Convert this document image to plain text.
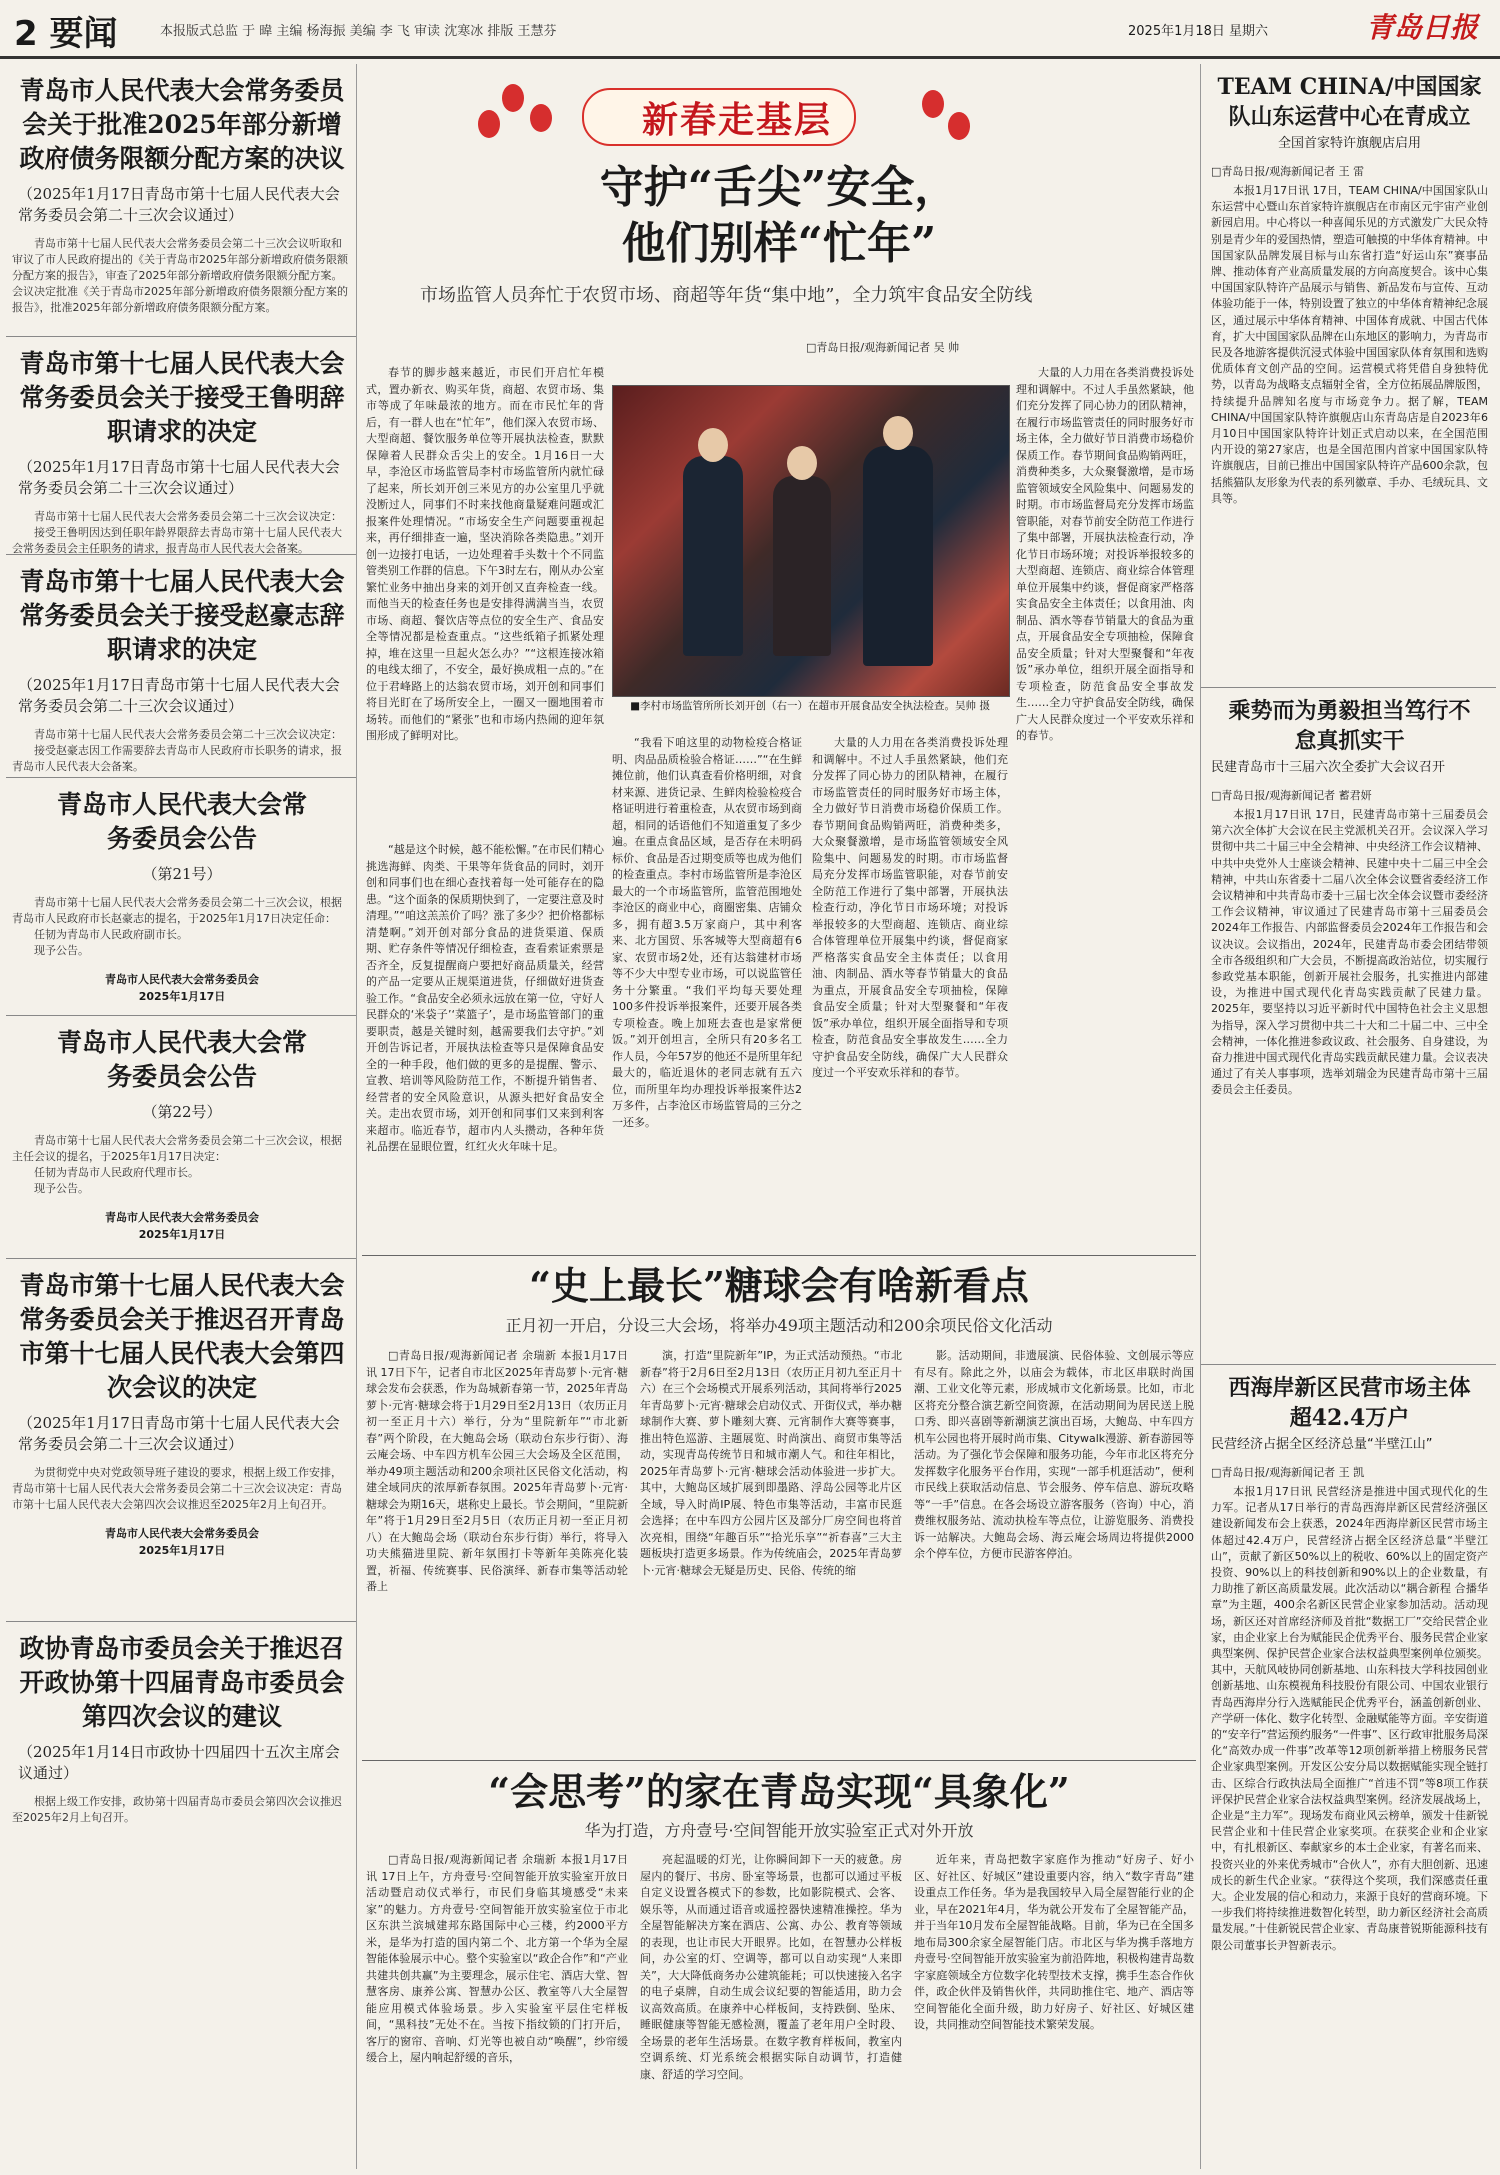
2 要闻	本报版式总监 于 暐 主编 杨海振 美编 李 飞 审读 沈寒冰 排版 王慧芬	2025年1月18日 星期六	青岛日报
青岛市人民代表大会常务委员会关于批准2025年部分新增政府债务限额分配方案的决议
（2025年1月17日青岛市第十七届人民代表大会常务委员会第二十三次会议通过）

青岛市第十七届人民代表大会常务委员会第二十三次会议听取和审议了市人民政府提出的《关于青岛市2025年部分新增政府债务限额分配方案的报告》，审查了2025年部分新增政府债务限额分配方案。会议决定批准《关于青岛市2025年部分新增政府债务限额分配方案的报告》，批准2025年部分新增政府债务限额分配方案。

青岛市第十七届人民代表大会常务委员会关于接受王鲁明辞职请求的决定
（2025年1月17日青岛市第十七届人民代表大会常务委员会第二十三次会议通过）

青岛市第十七届人民代表大会常务委员会第二十三次会议决定：

接受王鲁明因达到任职年龄界限辞去青岛市第十七届人民代表大会常务委员会主任职务的请求，报青岛市人民代表大会备案。

青岛市第十七届人民代表大会常务委员会关于接受赵豪志辞职请求的决定
（2025年1月17日青岛市第十七届人民代表大会常务委员会第二十三次会议通过）

青岛市第十七届人民代表大会常务委员会第二十三次会议决定：

接受赵豪志因工作需要辞去青岛市人民政府市长职务的请求，报青岛市人民代表大会备案。

青岛市人民代表大会常务委员会公告
（第21号）

青岛市第十七届人民代表大会常务委员会第二十三次会议，根据青岛市人民政府市长赵豪志的提名，于2025年1月17日决定任命：

任韧为青岛市人民政府副市长。

现予公告。

青岛市人民代表大会常务委员会
2025年1月17日
青岛市人民代表大会常务委员会公告
（第22号）

青岛市第十七届人民代表大会常务委员会第二十三次会议，根据主任会议的提名，于2025年1月17日决定：

任韧为青岛市人民政府代理市长。

现予公告。

青岛市人民代表大会常务委员会
2025年1月17日
青岛市第十七届人民代表大会常务委员会关于推迟召开青岛市第十七届人民代表大会第四次会议的决定
（2025年1月17日青岛市第十七届人民代表大会常务委员会第二十三次会议通过）

为贯彻党中央对党政领导班子建设的要求，根据上级工作安排，青岛市第十七届人民代表大会常务委员会第二十三次会议决定：青岛市第十七届人民代表大会第四次会议推迟至2025年2月上旬召开。

青岛市人民代表大会常务委员会
2025年1月17日
政协青岛市委员会关于推迟召开政协第十四届青岛市委员会第四次会议的建议
（2025年1月14日市政协十四届四十五次主席会议通过）

根据上级工作安排，政协第十四届青岛市委员会第四次会议推迟至2025年2月上旬召开。

新春走基层
守护“舌尖”安全，
他们别样“忙年”
市场监管人员奔忙于农贸市场、商超等年货“集中地”，全力筑牢食品安全防线
□青岛日报/观海新闻记者 吴 帅

春节的脚步越来越近，市民们开启忙年模式，置办新衣、购买年货，商超、农贸市场、集市等成了年味最浓的地方。而在市民忙年的背后，有一群人也在“忙年”，他们深入农贸市场、大型商超、餐饮服务单位等开展执法检查，默默保障着人民群众舌尖上的安全。1月16日一大早，李沧区市场监管局李村市场监管所内就忙碌了起来，所长刘开创三米见方的办公室里几乎就没断过人，同事们不时来找他商量疑难问题或汇报案件处理情况。“市场安全生产问题要重视起来，再仔细排查一遍，坚决消除各类隐患。”刘开创一边接打电话，一边处理着手头数十个不同监管类别工作群的信息。下午3时左右，刚从办公室繁忙业务中抽出身来的刘开创又直奔检查一线。而他当天的检查任务也是安排得满满当当，农贸市场、商超、餐饮店等点位的安全生产、食品安全等情况都是检查重点。“这些纸箱子抓紧处理掉，堆在这里一旦起火怎么办？”“这根连接冰箱的电线太细了，不安全，最好换成粗一点的。”在位于君峰路上的达翁农贸市场，刘开创和同事们将目光盯在了场所安全上，一圈又一圈地围着市场转。而他们的“紧张”也和市场内热闹的迎年氛围形成了鲜明对比。

“越是这个时候，越不能松懈。”在市民们精心挑选海鲜、肉类、干果等年货食品的同时，刘开创和同事们也在细心查找着每一处可能存在的隐患。“这个面条的保质期快到了，一定要注意及时清理。”“咱这羔羔价了吗？涨了多少？把价格都标清楚啊。”刘开创对部分食品的进货渠道、保质期、贮存条件等情况仔细检查，查看索证索票是否齐全，反复提醒商户要把好商品质量关，经营的产品一定要从正规渠道进货，仔细做好进货查验工作。“食品安全必须永远放在第一位，守好人民群众的‘米袋子’‘菜篮子’，是市场监管部门的重要职责，越是关键时刻，越需要我们去守护。”刘开创告诉记者，开展执法检查等只是保障食品安全的一种手段，他们做的更多的是提醒、警示、宣教、培训等风险防范工作，不断提升销售者、经营者的安全风险意识，从源头把好食品安全关。走出农贸市场，刘开创和同事们又来到利客来超市。临近春节，超市内人头攒动，各种年货礼品摆在显眼位置，红红火火年味十足。

■李村市场监管所所长刘开创（右一）在超市开展食品安全执法检查。吴帅 摄

“我看下咱这里的动物检疫合格证明、肉品品质检验合格证……”“在生鲜摊位前，他们认真查看价格明细，对食材来源、进货记录、生鲜肉检验检疫合格证明进行着重检查，从农贸市场到商超，相同的话语他们不知道重复了多少遍。在重点食品区域，是否存在未明码标价、食品是否过期变质等也成为他们的检查重点。李村市场监管所是李沧区最大的一个市场监管所，监管范围地处李沧区的商业中心，商圈密集、店铺众多，拥有超3.5万家商户，其中利客来、北方国贸、乐客城等大型商超有6家、农贸市场2处，还有达翁建材市场等不少大中型专业市场，可以说监管任务十分繁重。“我们平均每天要处理100多件投诉举报案件，还要开展各类专项检查。晚上加班去查也是家常便饭。”刘开创坦言，全所只有20多名工作人员，今年57岁的他还不是所里年纪最大的，临近退休的老同志就有五六位，而所里年均办理投诉举报案件达2万多件，占李沧区市场监管局的三分之一还多。

大量的人力用在各类消费投诉处理和调解中。不过人手虽然紧缺，他们充分发挥了同心协力的团队精神，在履行市场监管责任的同时服务好市场主体，全力做好节日消费市场稳价保质工作。春节期间食品购销两旺，消费种类多，大众聚餐激增，是市场监管领域安全风险集中、问题易发的时期。市市场监督局充分发挥市场监管职能，对春节前安全防范工作进行了集中部署，开展执法检查行动，净化节日市场环境；对投诉举报较多的大型商超、连锁店、商业综合体管理单位开展集中约谈，督促商家严格落实食品安全主体责任；以食用油、肉制品、酒水等春节销量大的食品为重点，开展食品安全专项抽检，保障食品安全质量；针对大型聚餐和“年夜饭”承办单位，组织开展全面指导和专项检查，防范食品安全事故发生……全力守护食品安全防线，确保广大人民群众度过一个平安欢乐祥和的春节。

大量的人力用在各类消费投诉处理和调解中。不过人手虽然紧缺，他们充分发挥了同心协力的团队精神，在履行市场监管责任的同时服务好市场主体，全力做好节日消费市场稳价保质工作。春节期间食品购销两旺，消费种类多，大众聚餐激增，是市场监管领域安全风险集中、问题易发的时期。市市场监督局充分发挥市场监管职能，对春节前安全防范工作进行了集中部署，开展执法检查行动，净化节日市场环境；对投诉举报较多的大型商超、连锁店、商业综合体管理单位开展集中约谈，督促商家严格落实食品安全主体责任；以食用油、肉制品、酒水等春节销量大的食品为重点，开展食品安全专项抽检，保障食品安全质量；针对大型聚餐和“年夜饭”承办单位，组织开展全面指导和专项检查，防范食品安全事故发生……全力守护食品安全防线，确保广大人民群众度过一个平安欢乐祥和的春节。

“史上最长”糖球会有啥新看点
正月初一开启，分设三大会场，将举办49项主题活动和200余项民俗文化活动

□青岛日报/观海新闻记者 余瑞新 本报1月17日讯 17日下午，记者自市北区2025年青岛萝卜·元宵·糖球会发布会获悉，作为岛城新春第一节，2025年青岛萝卜·元宵·糖球会将于1月29日至2月13日（农历正月初一至正月十六）举行，分为“里院新年”“市北新春”两个阶段，在大鲍岛会场（联动台东步行街）、海云庵会场、中车四方机车公园三大会场及全区范围，举办49项主题活动和200余项社区民俗文化活动，构建全域同庆的浓厚新春氛围。2025年青岛萝卜·元宵·糖球会为期16天，堪称史上最长。节会期间，“里院新年”将于1月29日至2月5日（农历正月初一至正月初八）在大鲍岛会场（联动台东步行街）举行，将导入功夫熊猫进里院、新年氛围打卡等新年美陈亮化装置，祈福、传统赛事、民俗演绎、新春市集等活动轮番上

演，打造“里院新年”IP，为正式活动预热。“市北新春”将于2月6日至2月13日（农历正月初九至正月十六）在三个会场模式开展系列活动，其间将举行2025年青岛萝卜·元宵·糖球会启动仪式、开街仪式，举办糖球制作大赛、萝卜雕刻大赛、元宵制作大赛等赛事，推出特色巡游、主题展览、时尚演出、商贸市集等活动，实现青岛传统节日和城市潮人气。和往年相比，2025年青岛萝卜·元宵·糖球会活动体验进一步扩大。其中，大鲍岛区域扩展到即墨路、浮岛公园等北片区全域，导入时尚IP展、特色市集等活动，丰富市民逛会选择；在中车四方公园片区及部分厂房空间也将首次亮相，围绕“年趣百乐”“拾光乐享”“祈春喜”三大主题板块打造更多场景。作为传统庙会，2025年青岛萝卜·元宵·糖球会无疑是历史、民俗、传统的缩

影。活动期间，非遗展演、民俗体验、文创展示等应有尽有。除此之外，以庙会为载体，市北区串联时尚国潮、工业文化等元素，形成城市文化新场景。比如，市北区将充分整合演艺新空间资源，在活动期间为居民送上脱口秀、即兴喜剧等新潮演艺演出百场，大鲍岛、中车四方机车公园也将开展时尚市集、Citywalk漫游、新春游园等活动。为了强化节会保障和服务功能，今年市北区将充分发挥数字化服务平台作用，实现“一部手机逛活动”，便利市民线上获取活动信息、节会服务、停车信息、游玩攻略等“一手”信息。在各会场设立游客服务（咨询）中心，消费维权服务站、流动执检车等点位，让游览服务、消费投诉一站解决。大鲍岛会场、海云庵会场周边将提供2000余个停车位，方便市民游客停泊。

“会思考”的家在青岛实现“具象化”
华为打造，方舟壹号·空间智能开放实验室正式对外开放

□青岛日报/观海新闻记者 余瑞新 本报1月17日讯 17日上午，方舟壹号·空间智能开放实验室开放日活动暨启动仪式举行，市民们身临其境感受“未来家”的魅力。方舟壹号·空间智能开放实验室位于市北区东洪兰滨城建邦东路国际中心三楼，约2000平方米，是华为打造的国内第二个、北方第一个华为全屋智能体验展示中心。整个实验室以“政企合作”和“产业共建共创共赢”为主要理念，展示住宅、酒店大堂、智慧客房、康养公寓、智慧办公区、教室等八大全屋智能应用模式体验场景。步入实验室平层住宅样板间，“黑科技”无处不在。当按下指纹锁的门打开后，客厅的窗帘、音响、灯光等也被自动“唤醒”，纱帘缓缓合上，屋内响起舒缓的音乐，

亮起温暖的灯光，让你瞬间卸下一天的疲惫。房屋内的餐厅、书房、卧室等场景，也都可以通过平板自定义设置各模式下的参数，比如影院模式、会客、娱乐等，从而通过语音或遥控器快速精准操控。华为全屋智能解决方案在酒店、公寓、办公、教育等领域的表现，也让市民大开眼界。比如，在智慧办公样板间，办公室的灯、空调等，都可以自动实现“人来即关”，大大降低商务办公建筑能耗；可以快速接入名字的电子桌牌，自动生成会议纪要的智能适用，助力会议高效高质。在康养中心样板间，支持跌倒、坠床、睡眠健康等智能无感检测，覆盖了老年用户全时段、全场景的老年生活场景。在数字教育样板间，教室内空调系统、灯光系统会根据实际自动调节，打造健康、舒适的学习空间。

近年来，青岛把数字家庭作为推动“好房子、好小区、好社区、好城区”建设重要内容，纳入“数字青岛”建设重点工作任务。华为是我国较早入局全屋智能行业的企业，早在2021年4月，华为就公开发布了全屋智能产品，并于当年10月发布全屋智能战略。目前，华为已在全国多地布局300余家全屋智能门店。市北区与华为携手落地方舟壹号·空间智能开放实验室为前沿阵地，积极构建青岛数字家庭领域全方位数字化转型技术支撑，携手生态合作伙伴，政企伙伴及销售伙伴，共同助推住宅、地产、酒店等空间智能化全面升级，助力好房子、好社区、好城区建设，共同推动空间智能技术繁荣发展。

TEAM CHINA/中国国家队山东运营中心在青成立
全国首家特许旗舰店启用
□青岛日报/观海新闻记者 王 雷

本报1月17日讯 17日，TEAM CHINA/中国国家队山东运营中心暨山东首家特许旗舰店在市南区元宇宙产业创新园启用。中心将以一种喜闻乐见的方式激发广大民众特别是青少年的爱国热情，塑造可触摸的中华体育精神。中国国家队品牌发展目标与山东省打造“好运山东”赛事品牌、推动体育产业高质量发展的方向高度契合。该中心集中国国家队特许产品展示与销售、新品发布与宣传、互动体验功能于一体，特别设置了独立的中华体育精神纪念展区，通过展示中华体育精神、中国体育成就、中国古代体育，扩大中国国家队品牌在山东地区的影响力，为青岛市民及各地游客提供沉浸式体验中国国家队体育氛围和选购优质体育文创产品的空间。运营模式将凭借自身独特优势，以青岛为战略支点辐射全省，全方位拓展品牌版图，持续提升品牌知名度与市场竞争力。据了解，TEAM CHINA/中国国家队特许旗舰店山东青岛店是自2023年6月10日中国国家队特许计划正式启动以来，在全国范围内开设的第27家店，也是全国范围内首家中国国家队特许旗舰店，目前已推出中国国家队特许产品600余款，包括熊猫队友形象为代表的系列徽章、手办、毛绒玩具、文具等。

乘势而为勇毅担当笃行不怠真抓实干
民建青岛市十三届六次全委扩大会议召开
□青岛日报/观海新闻记者 蓄君妍

本报1月17日讯 17日，民建青岛市第十三届委员会第六次全体扩大会议在民主党派机关召开。会议深入学习贯彻中共二十届三中全会精神、中央经济工作会议精神、中共中央党外人士座谈会精神、民建中央十二届三中全会精神，中共山东省委十二届八次全体会议暨省委经济工作会议精神和中共青岛市委十三届七次全体会议暨市委经济工作会议精神，审议通过了民建青岛市第十三届委员会2024年工作报告、内部监督委员会2024年工作报告和会议决议。会议指出，2024年，民建青岛市委会团结带领全市各级组织和广大会员，不断提高政治站位，切实履行参政党基本职能，创新开展社会服务，扎实推进内部建设，为推进中国式现代化青岛实践贡献了民建力量。2025年，要坚持以习近平新时代中国特色社会主义思想为指导，深入学习贯彻中共二十大和二十届二中、三中全会精神，一体化推进参政议政、社会服务、自身建设，为奋力推进中国式现代化青岛实践贡献民建力量。会议表决通过了有关人事事项，选举刘瑞金为民建青岛市第十三届委员会主任委员。

西海岸新区民营市场主体超42.4万户
民营经济占据全区经济总量“半壁江山”
□青岛日报/观海新闻记者 王 凯

本报1月17日讯 民营经济是推进中国式现代化的生力军。记者从17日举行的青岛西海岸新区民营经济强区建设新闻发布会上获悉，2024年西海岸新区民营市场主体超过42.4万户，民营经济占据全区经济总量“半壁江山”，贡献了新区50%以上的税收、60%以上的固定资产投资、90%以上的科技创新和90%以上的企业数量，有力助推了新区高质量发展。此次活动以“耦合新程 合播华章”为主题，400余名新区民营企业家参加活动。活动现场，新区还对首席经济师及首批“数据工厂”交给民营企业家，由企业家上台为赋能民企优秀平台、服务民营企业家典型案例、保护民营企业家合法权益典型案例单位颁奖。其中，天航风岐协同创新基地、山东科技大学科技园创业创新基地、山东模视角科技股份有限公司、中国农业银行青岛西海岸分行入选赋能民企优秀平台，涵盖创新创业、产学研一体化、数字化转型、金融赋能等方面。辛安街道的“安辛行”营运预约服务“一件事”、区行政审批服务局深化“高效办成一件事”改革等12项创新举措上榜服务民营企业家典型案例。开发区公安分局以数据赋能实现全链打击、区综合行政执法局全面推广“首违不罚”等8项工作获评保护民营企业家合法权益典型案例。经济发展战场上，企业是“主力军”。现场发布商业风云榜单，颁发十佳新锐民营企业和十佳民营企业家奖项。在获奖企业和企业家中，有扎根新区、奉献家乡的本土企业家，有著名而来、投资兴业的外来优秀城市“合伙人”，亦有大胆创新、迅速成长的新生代企业家。“获得这个奖项，我们深感责任重大。企业发展的信心和动力，来源于良好的营商环境。下一步我们将持续推进数智化转型，助力新区经济社会高质量发展。”十佳新锐民营企业家、青岛康普锐斯能源科技有限公司董事长尹智新表示。
